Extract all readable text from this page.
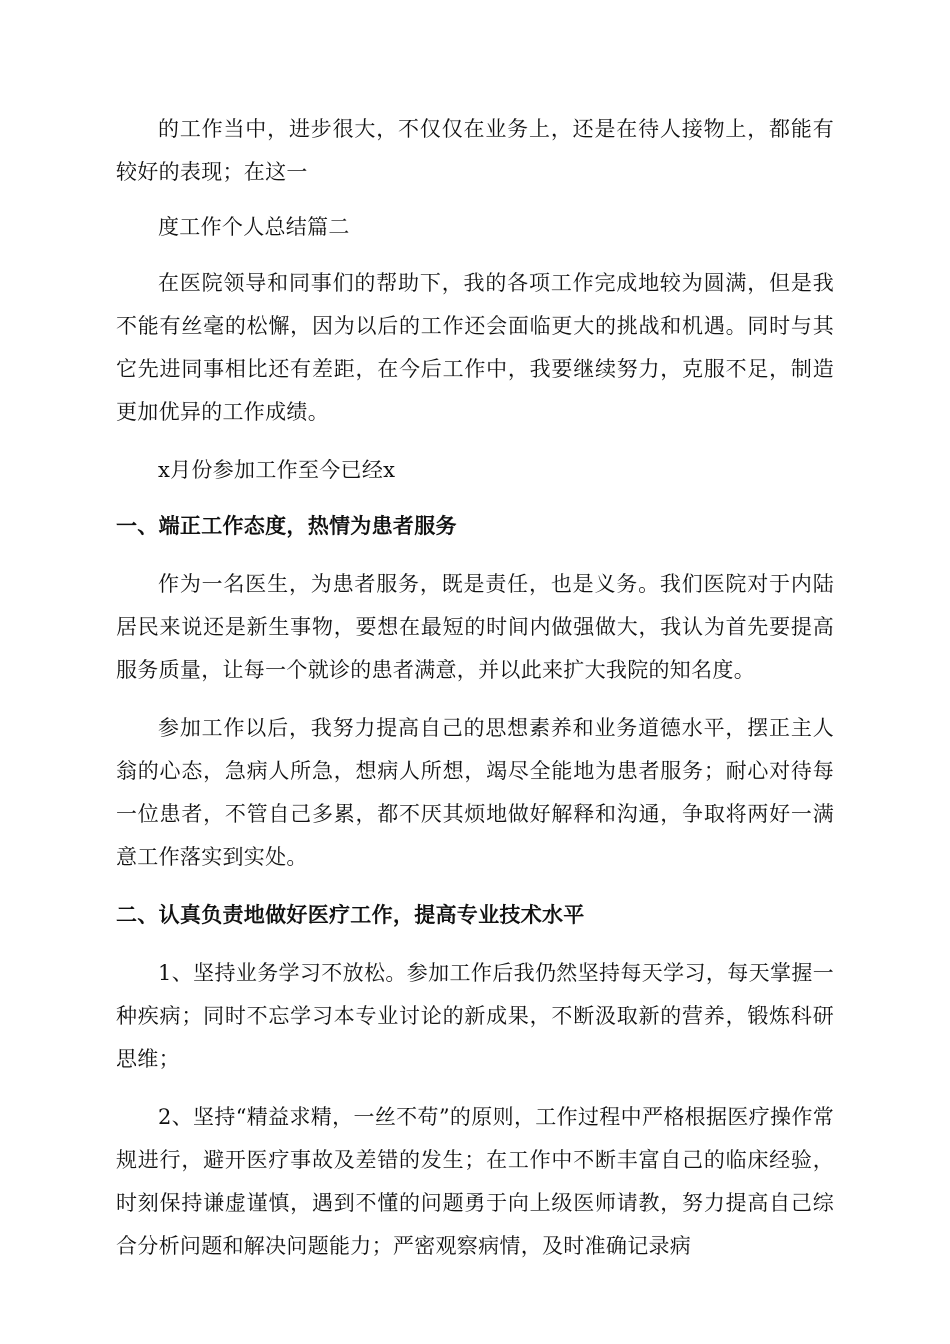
的工作当中，进步很大，不仅仅在业务上，还是在待人接物上，都能有较好的表现；在这一

度工作个人总结篇二

在医院领导和同事们的帮助下，我的各项工作完成地较为圆满，但是我不能有丝毫的松懈，因为以后的工作还会面临更大的挑战和机遇。同时与其它先进同事相比还有差距，在今后工作中，我要继续努力，克服不足，制造更加优异的工作成绩。

x月份参加工作至今已经x

一、端正工作态度，热情为患者服务

作为一名医生，为患者服务，既是责任，也是义务。我们医院对于内陆居民来说还是新生事物，要想在最短的时间内做强做大，我认为首先要提高服务质量，让每一个就诊的患者满意，并以此来扩大我院的知名度。

参加工作以后，我努力提高自己的思想素养和业务道德水平，摆正主人翁的心态，急病人所急，想病人所想，竭尽全能地为患者服务；耐心对待每一位患者，不管自己多累，都不厌其烦地做好解释和沟通，争取将两好一满意工作落实到实处。

二、认真负责地做好医疗工作，提高专业技术水平

1、坚持业务学习不放松。参加工作后我仍然坚持每天学习，每天掌握一种疾病；同时不忘学习本专业讨论的新成果，不断汲取新的营养，锻炼科研思维；

2、坚持“精益求精，一丝不苟”的原则，工作过程中严格根据医疗操作常规进行，避开医疗事故及差错的发生；在工作中不断丰富自己的临床经验，时刻保持谦虚谨慎，遇到不懂的问题勇于向上级医师请教，努力提高自己综合分析问题和解决问题能力；严密观察病情，及时准确记录病
